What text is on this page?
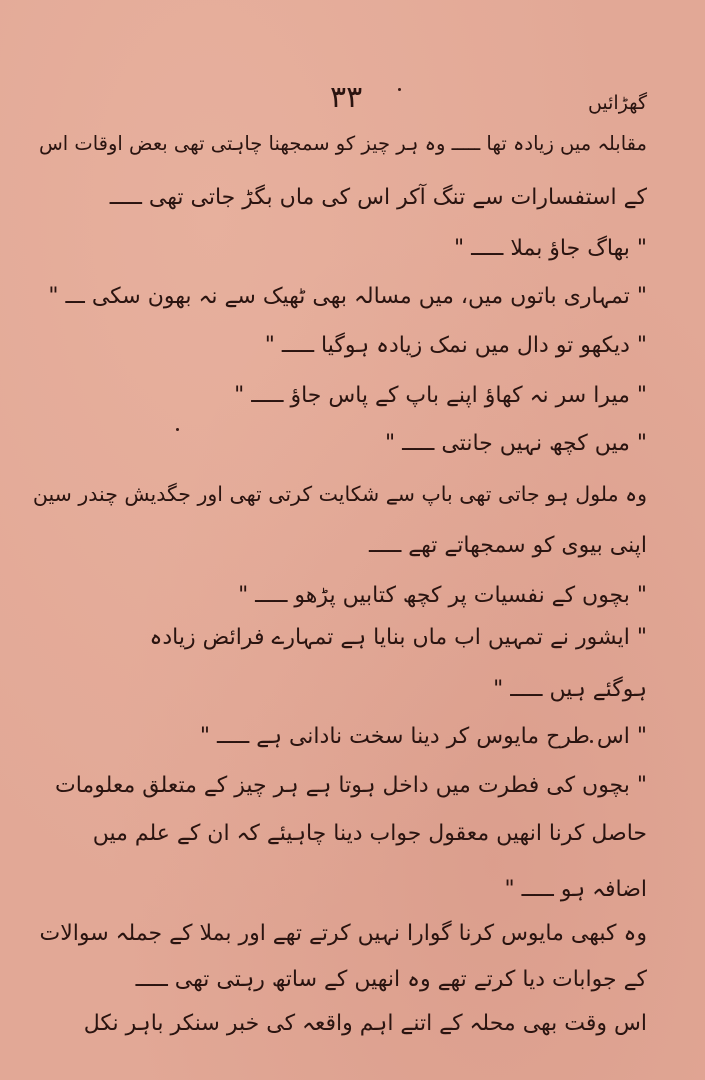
۳۳	گھڑائیں
مقابلہ میں زیادہ تھا ـــــ وہ ہر چیز کو سمجھنا چاہتی تھی بعض اوقات اس
کے استفسارات سے تنگ آکر اس کی ماں بگڑ جاتی تھی ـــــ
" بھاگ جاؤ بملا ـــــ "
" تمہاری باتوں میں، میں مسالہ بھی ٹھیک سے نہ بھون سکی ـــ "
" دیکھو تو دال میں نمک زیادہ ہوگیا ـــــ "
" میرا سر نہ کھاؤ اپنے باپ کے پاس جاؤ ـــــ "
" میں کچھ نہیں جانتی ـــــ "
وہ ملول ہو جاتی تھی باپ سے شکایت کرتی تھی اور جگدیش چندر سین
اپنی بیوی کو سمجھاتے تھے ـــــ
" بچوں کے نفسیات پر کچھ کتابیں پڑھو ـــــ "
" ایشور نے تمہیں اب ماں بنایا ہے تمہارے فرائض زیادہ
ہوگئے ہیں ـــــ "
" اس طرح مایوس کر دینا سخت نادانی ہے ـــــ "
" بچوں کی فطرت میں داخل ہوتا ہے ہر چیز کے متعلق معلومات
حاصل کرنا انھیں معقول جواب دینا چاہیئے کہ ان کے علم میں
اضافہ ہو ـــــ "
وہ کبھی مایوس کرنا گوارا نہیں کرتے تھے اور بملا کے جملہ سوالات
کے جوابات دیا کرتے تھے وہ انھیں کے ساتھ رہتی تھی ـــــ
اس وقت بھی محلہ کے اتنے اہم واقعہ کی خبر سنکر باہر نکل
